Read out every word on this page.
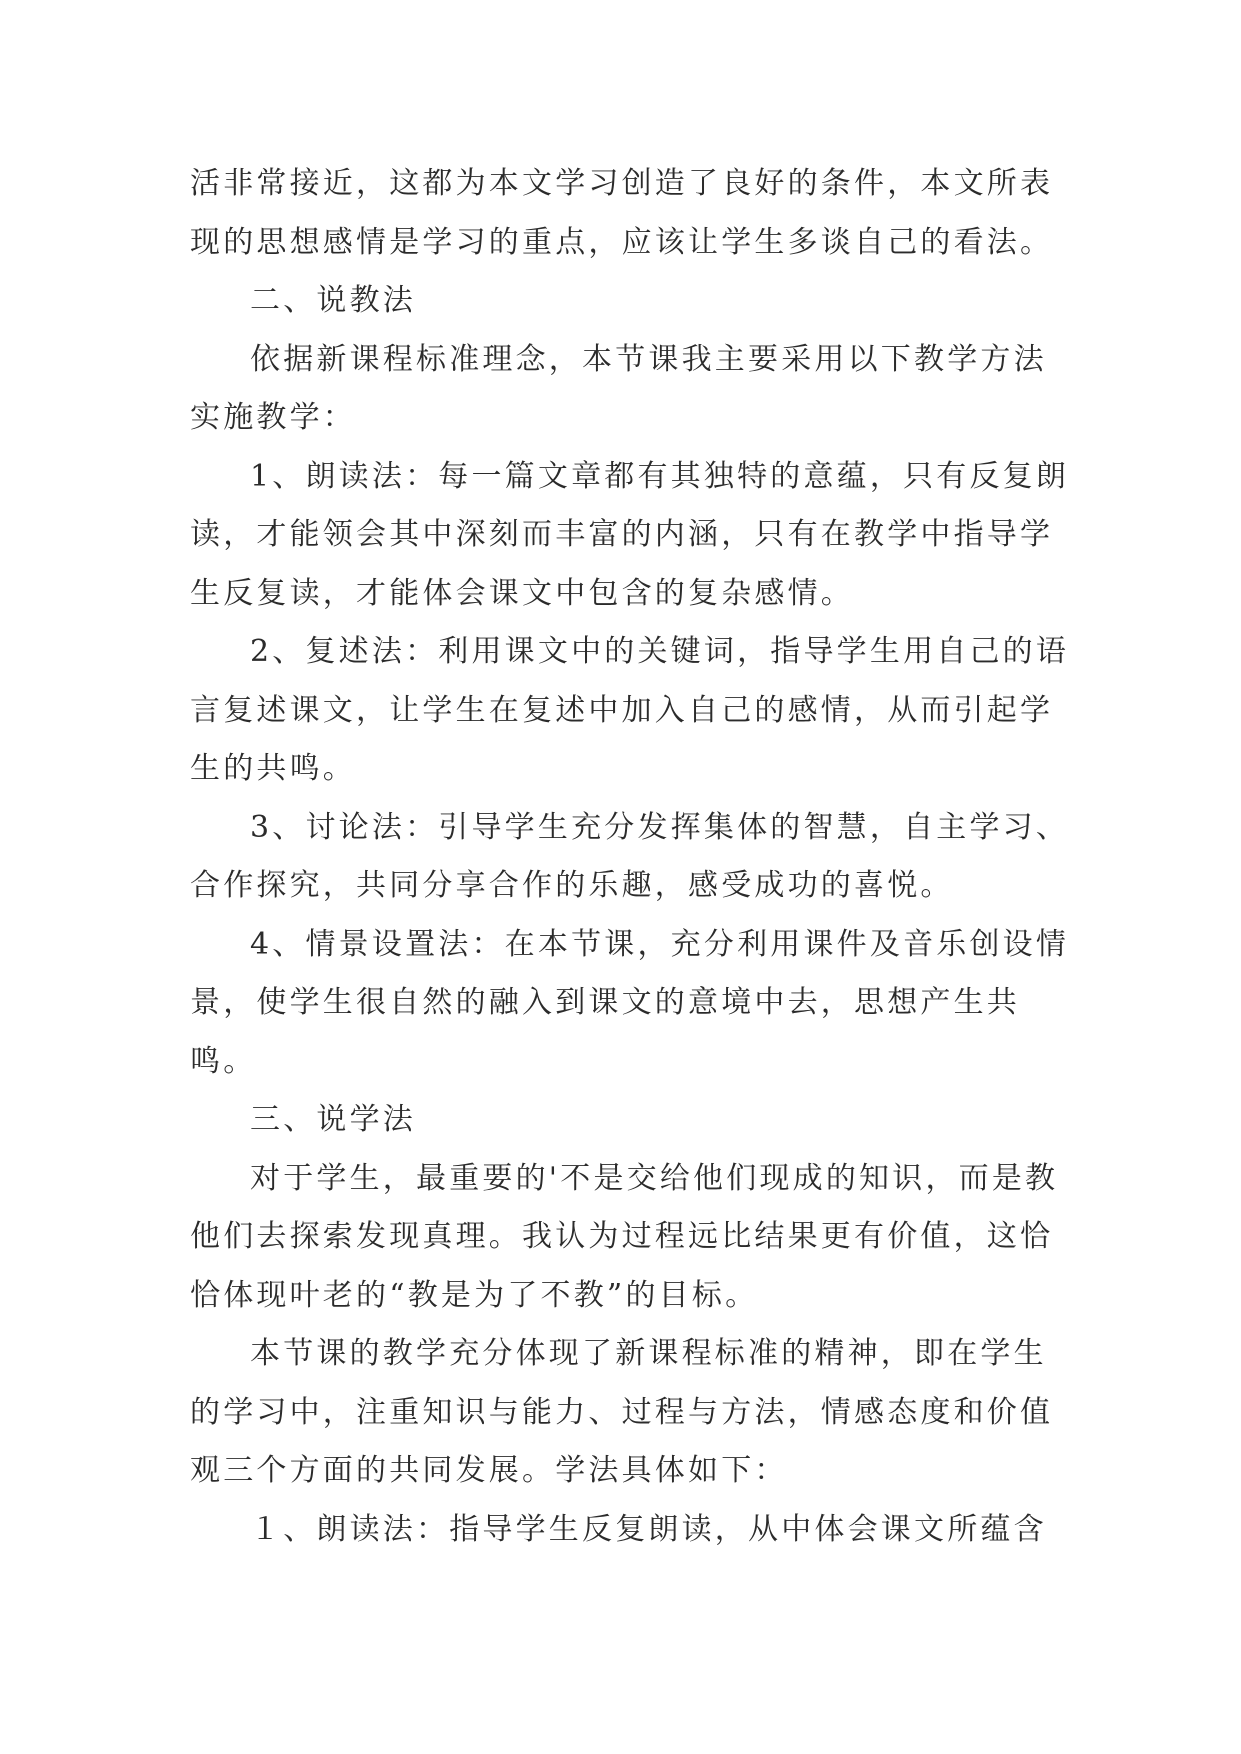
活非常接近，这都为本文学习创造了良好的条件，本文所表现的思想感情是学习的重点，应该让学生多谈自己的看法。

二、说教法

依据新课程标准理念，本节课我主要采用以下教学方法实施教学：

1、朗读法：每一篇文章都有其独特的意蕴，只有反复朗读，才能领会其中深刻而丰富的内涵，只有在教学中指导学生反复读，才能体会课文中包含的复杂感情。

2、复述法：利用课文中的关键词，指导学生用自己的语言复述课文，让学生在复述中加入自己的感情，从而引起学生的共鸣。

3、讨论法：引导学生充分发挥集体的智慧，自主学习、合作探究，共同分享合作的乐趣，感受成功的喜悦。

4、情景设置法：在本节课，充分利用课件及音乐创设情景，使学生很自然的融入到课文的意境中去，思想产生共鸣。

三、说学法

对于学生，最重要的'不是交给他们现成的知识，而是教他们去探索发现真理。我认为过程远比结果更有价值，这恰恰体现叶老的“教是为了不教”的目标。

本节课的教学充分体现了新课程标准的精神，即在学生的学习中，注重知识与能力、过程与方法，情感态度和价值观三个方面的共同发展。学法具体如下：

１、朗读法：指导学生反复朗读，从中体会课文所蕴含
